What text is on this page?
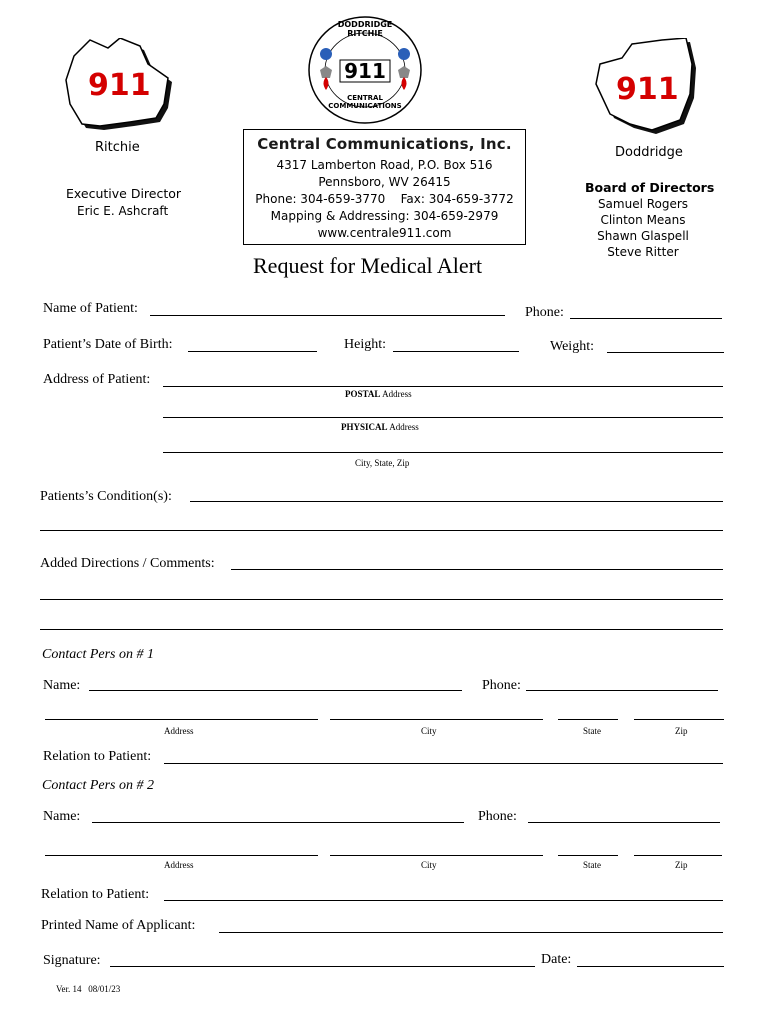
911
Ritchie
DODDRIDGE RITCHIE
911
CENTRAL COMMUNICATIONS	911
Doddridge
Executive Director
Eric E. Ashcraft
Central Communications, Inc.
4317 Lamberton Road, P.O. Box 516
Pennsboro, WV 26415
Phone: 304-659-3770    Fax: 304-659-3772
Mapping & Addressing: 304-659-2979
www.centrale911.com
Board of Directors
Samuel Rogers
Clinton Means
Shawn Glaspell
Steve Ritter
Request for Medical Alert
Name of Patient:	Phone:
Patient’s Date of Birth:	Height:	Weight:
Address of Patient:
POSTAL Address
PHYSICAL Address
City, State, Zip
Patients’s Condition(s):
Added Directions / Comments:
Contact Pers on # 1
Name:	Phone:
Address	City	State	Zip
Relation to Patient:
Contact Pers on # 2
Name:	Phone:
Address	City	State	Zip
Relation to Patient:
Printed Name of Applicant:
Signature:	Date:
Ver. 14   08/01/23
